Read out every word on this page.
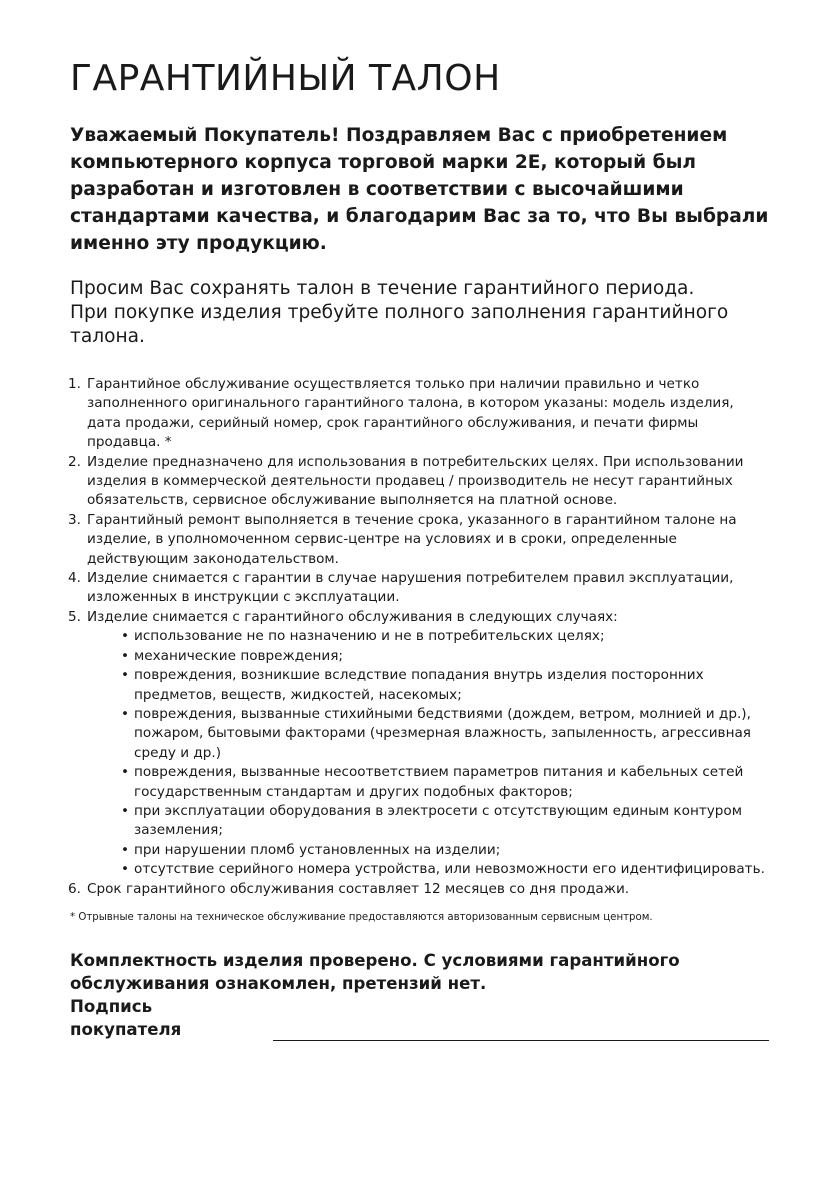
ГАРАНТИЙНЫЙ ТАЛОН

Уважаемый Покупатель! Поздравляем Вас с приобретением компьютерного корпуса торговой марки 2E, который был разработан и изготовлен в соответствии с высочайшими стандартами качества, и благодарим Вас за то, что Вы выбрали именно эту продукцию.

Просим Вас сохранять талон в течение гарантийного периода.

При покупке изделия требуйте полного заполнения гарантийного талона.

1. Гарантийное обслуживание осуществляется только при наличии правильно и четко заполненного оригинального гарантийного талона, в котором указаны: модель изделия, дата продажи, серийный номер, срок гарантийного обслуживания, и печати фирмы продавца. *
2. Изделие предназначено для использования в потребительских целях. При использовании изделия в коммерческой деятельности продавец / производитель не несут гарантийных обязательств, сервисное обслуживание выполняется на платной основе.
3. Гарантийный ремонт выполняется в течение срока, указанного в гарантийном талоне на изделие, в уполномоченном сервис-центре на условиях и в сроки, определенные действующим законодательством.
4. Изделие снимается с гарантии в случае нарушения потребителем правил эксплуатации, изложенных в инструкции с эксплуатации.
5. Изделие снимается с гарантийного обслуживания в следующих случаях:
• использование не по назначению и не в потребительских целях;
• механические повреждения;
• повреждения, возникшие вследствие попадания внутрь изделия посторонних предметов, веществ, жидкостей, насекомых;
• повреждения, вызванные стихийными бедствиями (дождем, ветром, молнией и др.), пожаром, бытовыми факторами (чрезмерная влажность, запыленность, агрессивная среду и др.)
• повреждения, вызванные несоответствием параметров питания и кабельных сетей государственным стандартам и других подобных факторов;
• при эксплуатации оборудования в электросети с отсутствующим единым контуром заземления;
• при нарушении пломб установленных на изделии;
• отсутствие серийного номера устройства, или невозможности его идентифицировать.
6. Срок гарантийного обслуживания составляет 12 месяцев со дня продажи.

* Отрывные талоны на техническое обслуживание предоставляются авторизованным сервисным центром.

Комплектность изделия проверено. С условиями гарантийного обслуживания ознакомлен, претензий нет.

Подпись покупателя
